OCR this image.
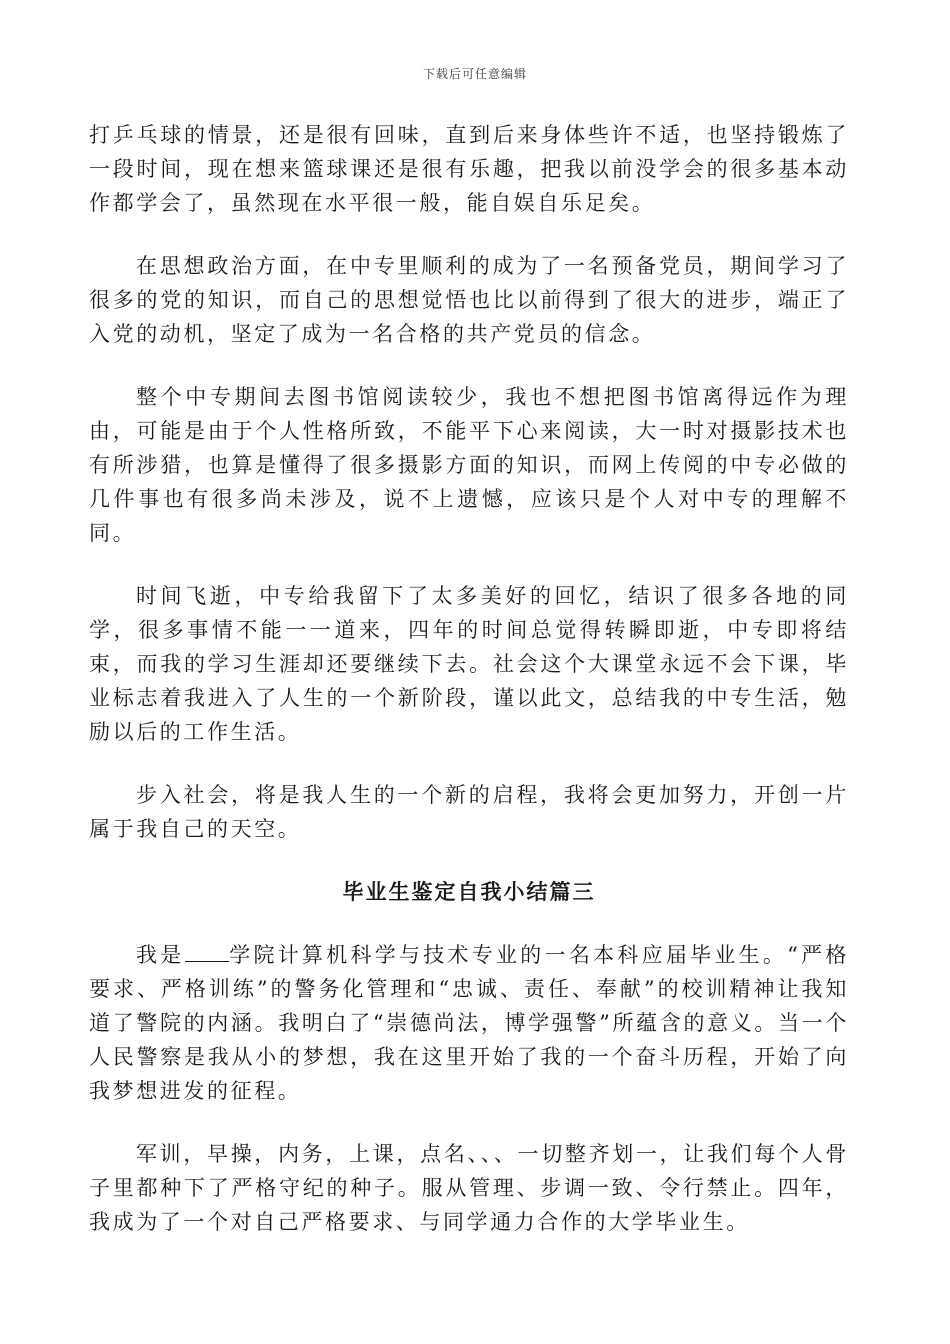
下载后可任意编辑

打乒乓球的情景，还是很有回味，直到后来身体些许不适，也坚持锻炼了一段时间，现在想来篮球课还是很有乐趣，把我以前没学会的很多基本动作都学会了，虽然现在水平很一般，能自娱自乐足矣。

在思想政治方面，在中专里顺利的成为了一名预备党员，期间学习了很多的党的知识，而自己的思想觉悟也比以前得到了很大的进步，端正了入党的动机，坚定了成为一名合格的共产党员的信念。

整个中专期间去图书馆阅读较少，我也不想把图书馆离得远作为理由，可能是由于个人性格所致，不能平下心来阅读，大一时对摄影技术也有所涉猎，也算是懂得了很多摄影方面的知识，而网上传阅的中专必做的几件事也有很多尚未涉及，说不上遗憾，应该只是个人对中专的理解不同。

时间飞逝，中专给我留下了太多美好的回忆，结识了很多各地的同学，很多事情不能一一道来，四年的时间总觉得转瞬即逝，中专即将结束，而我的学习生涯却还要继续下去。社会这个大课堂永远不会下课，毕业标志着我进入了人生的一个新阶段，谨以此文，总结我的中专生活，勉励以后的工作生活。

步入社会，将是我人生的一个新的启程，我将会更加努力，开创一片属于我自己的天空。

毕业生鉴定自我小结篇三

我是 学院计算机科学与技术专业的一名本科应届毕业生。“严格要求、严格训练”的警务化管理和“忠诚、责任、奉献”的校训精神让我知道了警院的内涵。我明白了“崇德尚法，博学强警”所蕴含的意义。当一个人民警察是我从小的梦想，我在这里开始了我的一个奋斗历程，开始了向我梦想进发的征程。

军训，早操，内务，上课，点名、、、一切整齐划一，让我们每个人骨子里都种下了严格守纪的种子。服从管理、步调一致、令行禁止。四年，我成为了一个对自己严格要求、与同学通力合作的大学毕业生。
